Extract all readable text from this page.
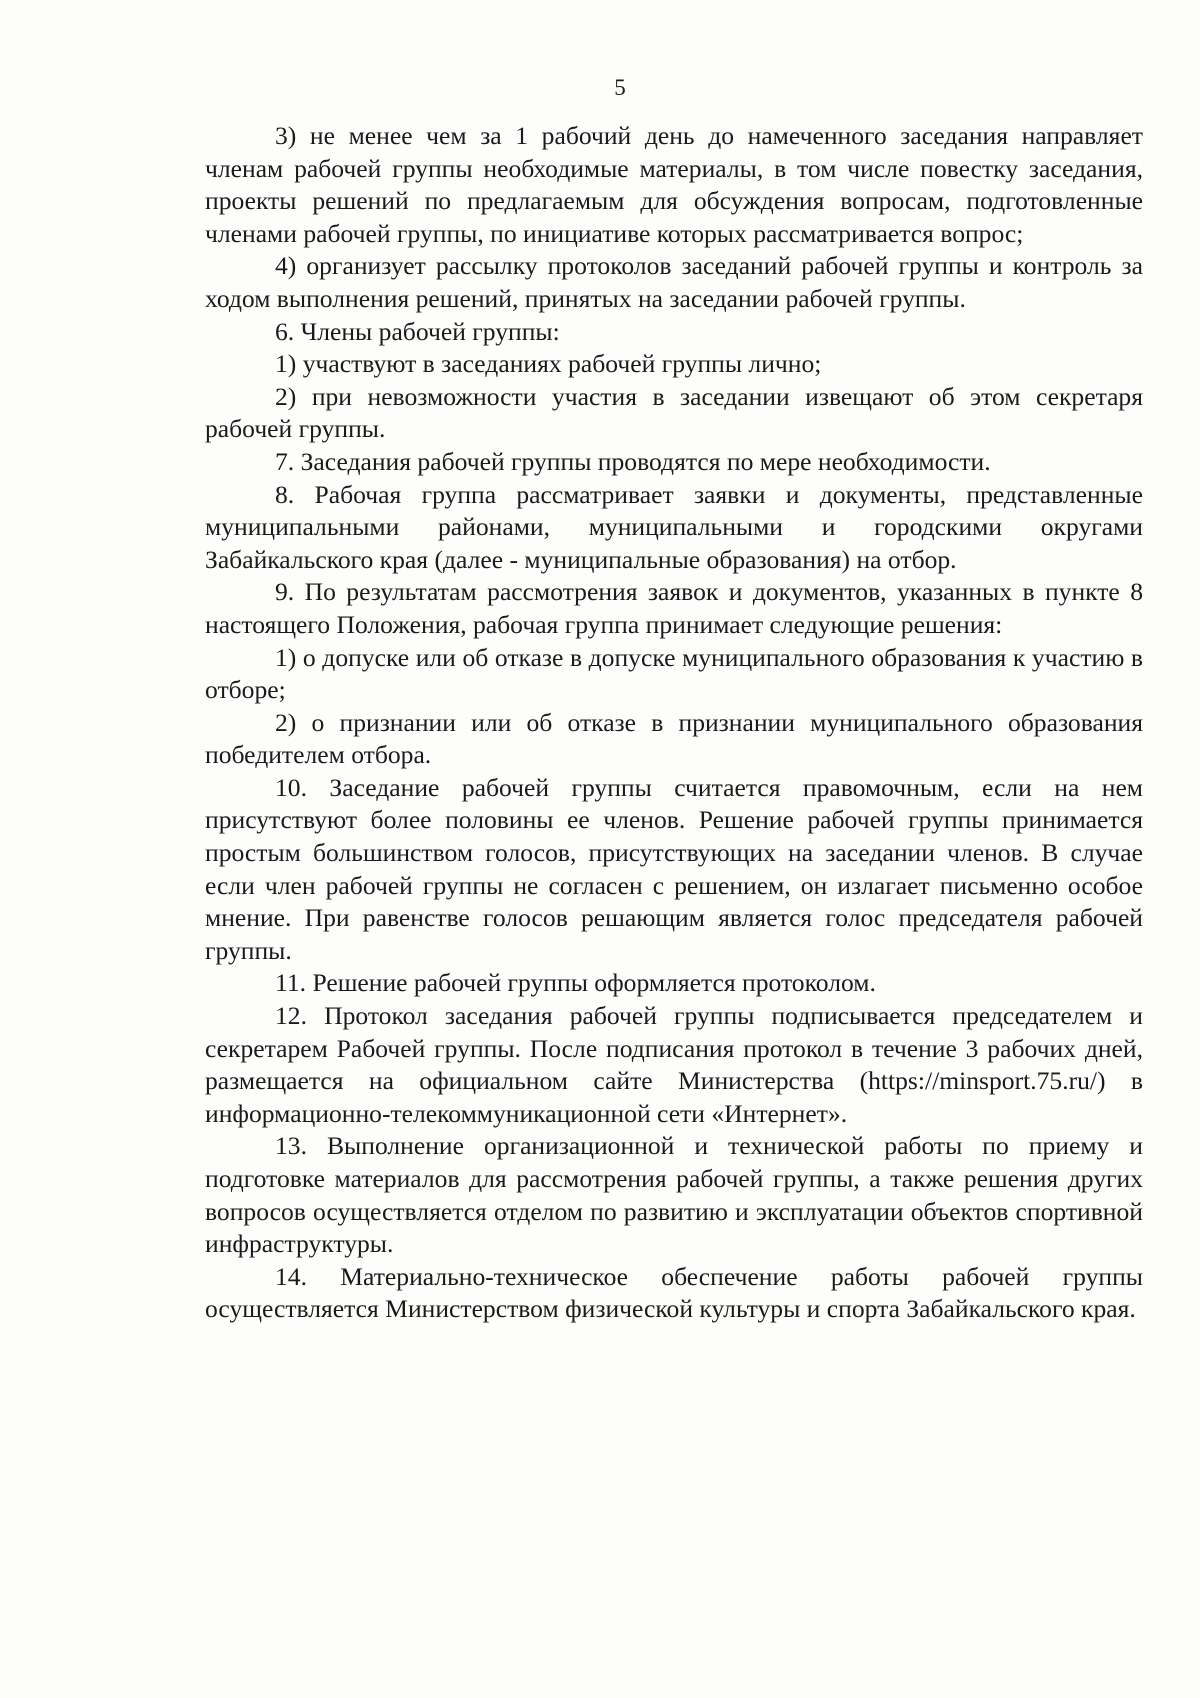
5

3) не менее чем за 1 рабочий день до намеченного заседания направляет членам рабочей группы необходимые материалы, в том числе повестку заседания, проекты решений по предлагаемым для обсуждения вопросам, подготовленные членами рабочей группы, по инициативе которых рассматривается вопрос;

4) организует рассылку протоколов заседаний рабочей группы и контроль за ходом выполнения решений, принятых на заседании рабочей группы.

6. Члены рабочей группы:

1) участвуют в заседаниях рабочей группы лично;

2) при невозможности участия в заседании извещают об этом секретаря рабочей группы.

7. Заседания рабочей группы проводятся по мере необходимости.

8. Рабочая группа рассматривает заявки и документы, представленные муниципальными районами, муниципальными и городскими округами Забайкальского края (далее - муниципальные образования) на отбор.

9. По результатам рассмотрения заявок и документов, указанных в пункте 8 настоящего Положения, рабочая группа принимает следующие решения:

1) о допуске или об отказе в допуске муниципального образования к участию в отборе;

2) о признании или об отказе в признании муниципального образования победителем отбора.

10. Заседание рабочей группы считается правомочным, если на нем присутствуют более половины ее членов. Решение рабочей группы принимается простым большинством голосов, присутствующих на заседании членов. В случае если член рабочей группы не согласен с решением, он излагает письменно особое мнение. При равенстве голосов решающим является голос председателя рабочей группы.

11. Решение рабочей группы оформляется протоколом.

12. Протокол заседания рабочей группы подписывается председателем и секретарем Рабочей группы. После подписания протокол в течение 3 рабочих дней, размещается на официальном сайте Министерства (https://minsport.75.ru/) в информационно-телекоммуникационной сети «Интернет».

13. Выполнение организационной и технической работы по приему и подготовке материалов для рассмотрения рабочей группы, а также решения других вопросов осуществляется отделом по развитию и эксплуатации объектов спортивной инфраструктуры.

14. Материально-техническое обеспечение работы рабочей группы осуществляется Министерством физической культуры и спорта Забайкальского края.
